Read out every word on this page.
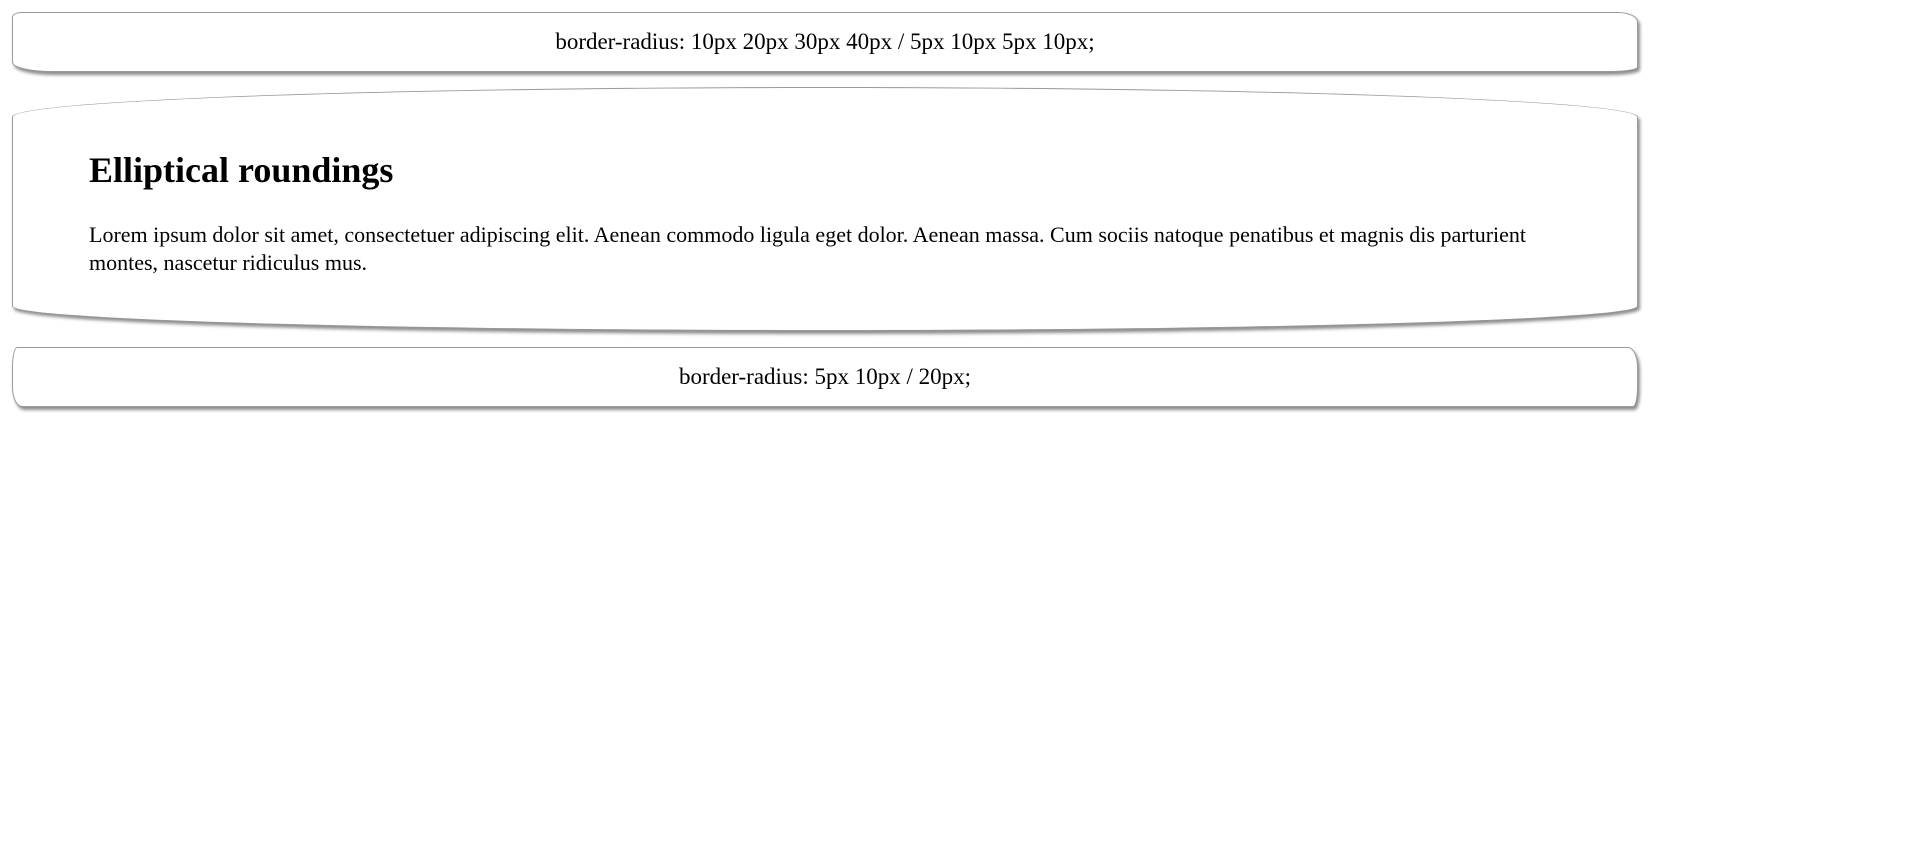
border-radius: 10px 20px 30px 40px / 5px 10px 5px 10px;
Elliptical roundings

Lorem ipsum dolor sit amet, consectetuer adipiscing elit. Aenean commodo ligula eget dolor. Aenean massa. Cum sociis natoque penatibus et magnis dis parturient montes, nascetur ridiculus mus.

border-radius: 5px 10px / 20px;
